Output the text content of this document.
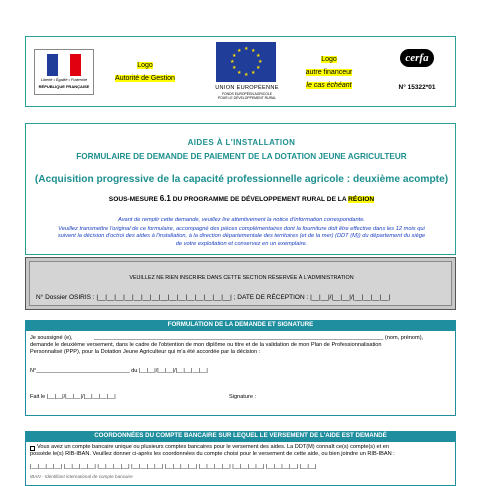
Liberté • Égalité • Fraternité
RÉPUBLIQUE FRANÇAISE
Logo
Autorité de Gestion
★ ★
★
★
★
★
★
★
★
★
★
★
UNION EUROPÉENNE
FONDS EUROPÉEN AGRICOLE
POUR LE DÉVELOPPEMENT RURAL
Logo
autre financeur
le cas échéant
cerfa
N° 15322*01
AIDES À L'INSTALLATION
FORMULAIRE DE DEMANDE DE PAIEMENT DE LA DOTATION JEUNE AGRICULTEUR
(Acquisition progressive de la capacité professionnelle agricole : deuxième acompte)
SOUS-MESURE 6.1 DU PROGRAMME DE DÉVELOPPEMENT RURAL DE LA RÉGION
Avant de remplir cette demande, veuillez lire attentivement la notice d'information correspondante.
Veuillez transmettre l'original de ce formulaire, accompagné des pièces complémentaires dont la fourniture doit être effective dans les 12 mois qui
suivent la décision d'octroi des aides à l'installation, à la direction départementale des territoires (et de la mer) (DDT (M)) du département du siège
de votre exploitation et conservez en un exemplaire.
VEUILLEZ NE RIEN INSCRIRE DANS CETTE SECTION RÉSERVÉE À L'ADMINISTRATION
N° Dossier OSIRIS : |__|__|__|__|__|__|__|__|__|__|__|__|__|__|__| ; DATE DE RÉCEPTION : |__|__|/|__|__|/|__|__|__|__|
FORMULATION DE LA DEMANDE ET SIGNATURE
Je soussigné (e),	_____________________________________________________________________________________________ (nom, prénom),
demande le deuxième versement, dans le cadre de l'obtention de mon diplôme ou titre et de la validation de mon Plan de Professionnalisation
Personnalisé (PPP), pour la Dotation Jeune Agriculteur qui m'a été accordée par la décision :
N°______________________________ du |__|__|/|__|__|/|__|__|__|__|
Fait le |__|__|/|__|__|/|__|__|__|__|	Signature :
COORDONNÉES DU COMPTE BANCAIRE SUR LEQUEL LE VERSEMENT DE L'AIDE EST DEMANDÉ
Vous avez un compte bancaire unique ou plusieurs comptes bancaires pour le versement des aides. La DDT(M) connaît ce(s) compte(s) et en
possède le(s) RIB-IBAN. Veuillez donner ci-après les coordonnées du compte choisi pour le versement de cette aide, ou bien joindre un RIB-IBAN :
|__|__|__|__| |__|__|__|__| |__|__|__|__| |__|__|__|__| |__|__|__|__| |__|__|__|__| |__|__|__|__| |__|__|__|__| |__|__|
IBAN - Identifiant international de compte bancaire
